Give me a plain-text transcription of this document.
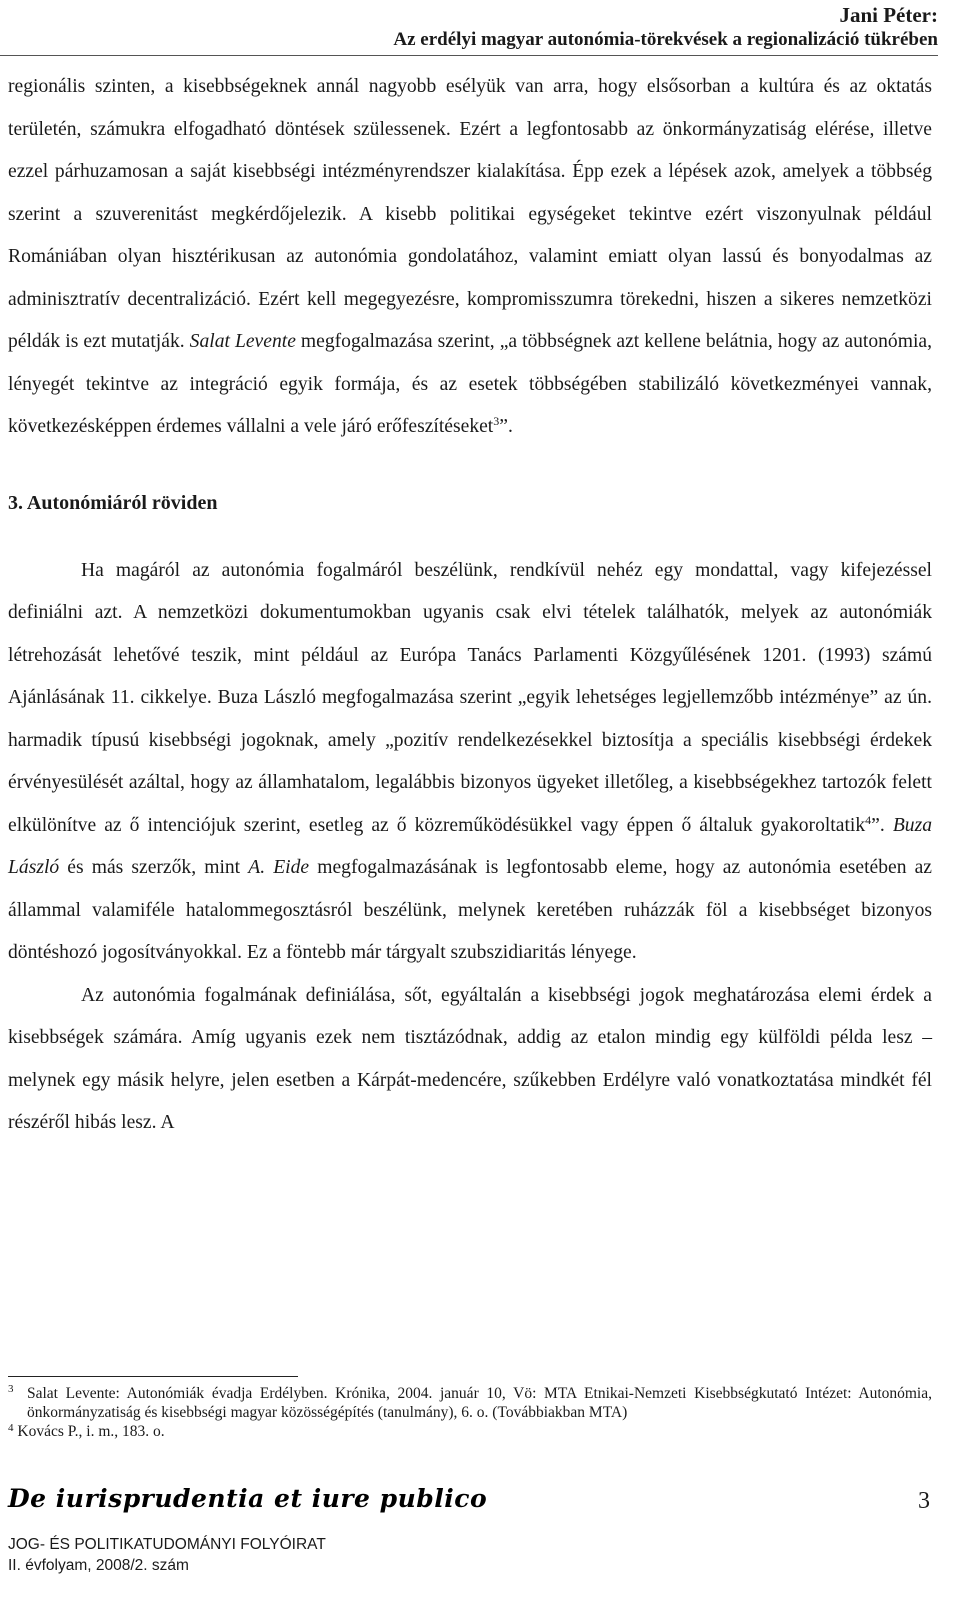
Jani Péter:
Az erdélyi magyar autonómia-törekvések a regionalizáció tükrében

regionális szinten, a kisebbségeknek annál nagyobb esélyük van arra, hogy elsősorban a kultúra és az oktatás területén, számukra elfogadható döntések szülessenek. Ezért a legfontosabb az önkormányzatiság elérése, illetve ezzel párhuzamosan a saját kisebbségi intézményrendszer kialakítása. Épp ezek a lépések azok, amelyek a többség szerint a szuverenitást megkérdőjelezik. A kisebb politikai egységeket tekintve ezért viszonyulnak például Romániában olyan hisztérikusan az autonómia gondolatához, valamint emiatt olyan lassú és bonyodalmas az adminisztratív decentralizáció. Ezért kell megegyezésre, kompromisszumra törekedni, hiszen a sikeres nemzetközi példák is ezt mutatják. Salat Levente megfogalmazása szerint, „a többségnek azt kellene belátnia, hogy az autonómia, lényegét tekintve az integráció egyik formája, és az esetek többségében stabilizáló következményei vannak, következésképpen érdemes vállalni a vele járó erőfeszítéseket$^3$”.

3. Autonómiáról röviden

Ha magáról az autonómia fogalmáról beszélünk, rendkívül nehéz egy mondattal, vagy kifejezéssel definiálni azt. A nemzetközi dokumentumokban ugyanis csak elvi tételek találhatók, melyek az autonómiák létrehozását lehetővé teszik, mint például az Európa Tanács Parlamenti Közgyűlésének 1201. (1993) számú Ajánlásának 11. cikkelye. Buza László megfogalmazása szerint „egyik lehetséges legjellemzőbb intézménye” az ún. harmadik típusú kisebbségi jogoknak, amely „pozitív rendelkezésekkel biztosítja a speciális kisebbségi érdekek érvényesülését azáltal, hogy az államhatalom, legalábbis bizonyos ügyeket illetőleg, a kisebbségekhez tartozók felett elkülönítve az ő intenciójuk szerint, esetleg az ő közreműködésükkel vagy éppen ő általuk gyakoroltatik$^4$”. Buza László és más szerzők, mint A. Eide megfogalmazásának is legfontosabb eleme, hogy az autonómia esetében az állammal valamiféle hatalommegosztásról beszélünk, melynek keretében ruházzák föl a kisebbséget bizonyos döntéshozó jogosítványokkal. Ez a föntebb már tárgyalt szubszidiaritás lényege.

Az autonómia fogalmának definiálása, sőt, egyáltalán a kisebbségi jogok meghatározása elemi érdek a kisebbségek számára. Amíg ugyanis ezek nem tisztázódnak, addig az etalon mindig egy külföldi példa lesz – melynek egy másik helyre, jelen esetben a Kárpát-medencére, szűkebben Erdélyre való vonatkoztatása mindkét fél részéről hibás lesz. A

3 Salat Levente: Autonómiák évadja Erdélyben. Krónika, 2004. január 10, Vö: MTA Etnikai-Nemzeti Kisebbségkutató Intézet: Autonómia, önkormányzatiság és kisebbségi magyar közösségépítés (tanulmány), 6. o. (Továbbiakban MTA)
$^4$ Kovács P., i. m., 183. o.
De iurisprudentia et iure publico	3
JOG- ÉS POLITIKATUDOMÁNYI FOLYÓIRAT
II. évfolyam, 2008/2. szám
